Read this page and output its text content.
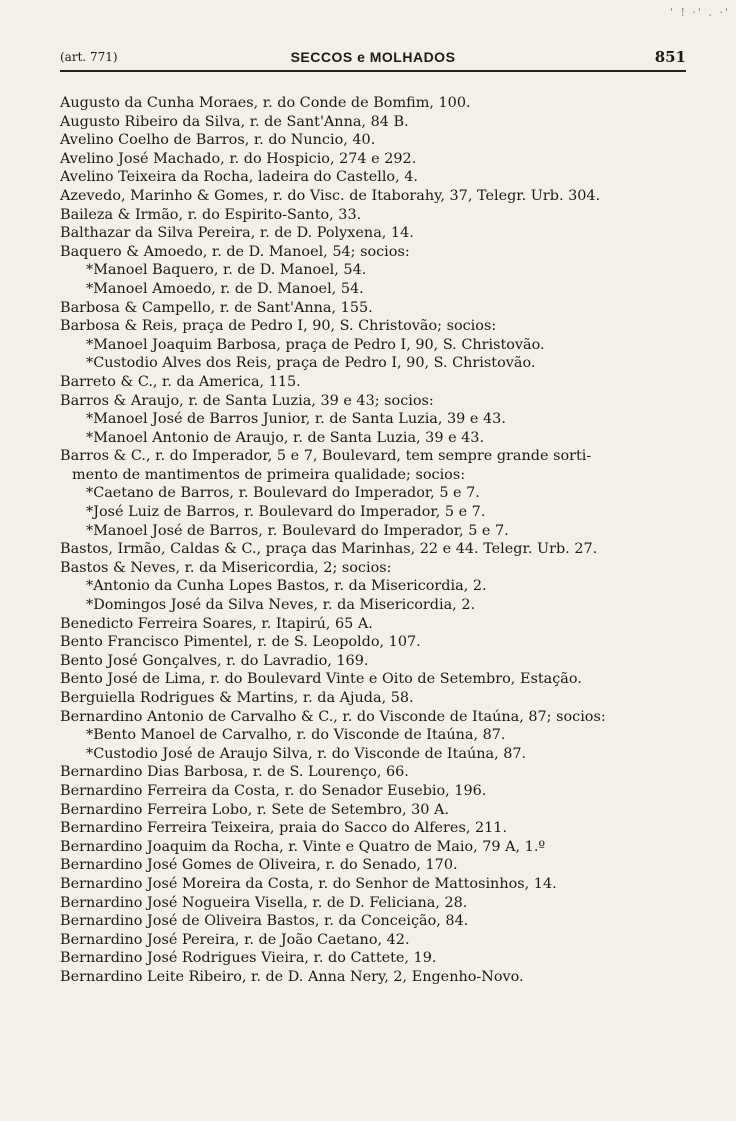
' ! ·' . ·'
(art. 771)	SECCOS e MOLHADOS	851
Augusto da Cunha Moraes, r. do Conde de Bomfim, 100.
Augusto Ribeiro da Silva, r. de Sant'Anna, 84 B.
Avelino Coelho de Barros, r. do Nuncio, 40.
Avelino José Machado, r. do Hospicio, 274 e 292.
Avelino Teixeira da Rocha, ladeira do Castello, 4.
Azevedo, Marinho & Gomes, r. do Visc. de Itaborahy, 37, Telegr. Urb. 304.
Baileza & Irmão, r. do Espirito-Santo, 33.
Balthazar da Silva Pereira, r. de D. Polyxena, 14.
Baquero & Amoedo, r. de D. Manoel, 54; socios:
*Manoel Baquero, r. de D. Manoel, 54.
*Manoel Amoedo, r. de D. Manoel, 54.
Barbosa & Campello, r. de Sant'Anna, 155.
Barbosa & Reis, praça de Pedro I, 90, S. Christovão; socios:
*Manoel Joaquim Barbosa, praça de Pedro I, 90, S. Christovão.
*Custodio Alves dos Reis, praça de Pedro I, 90, S. Christovão.
Barreto & C., r. da America, 115.
Barros & Araujo, r. de Santa Luzia, 39 e 43; socios:
*Manoel José de Barros Junior, r. de Santa Luzia, 39 e 43.
*Manoel Antonio de Araujo, r. de Santa Luzia, 39 e 43.
Barros & C., r. do Imperador, 5 e 7, Boulevard, tem sempre grande sorti-
mento de mantimentos de primeira qualidade; socios:
*Caetano de Barros, r. Boulevard do Imperador, 5 e 7.
*José Luiz de Barros, r. Boulevard do Imperador, 5 e 7.
*Manoel José de Barros, r. Boulevard do Imperador, 5 e 7.
Bastos, Irmão, Caldas & C., praça das Marinhas, 22 e 44. Telegr. Urb. 27.
Bastos & Neves, r. da Misericordia, 2; socios:
*Antonio da Cunha Lopes Bastos, r. da Misericordia, 2.
*Domingos José da Silva Neves, r. da Misericordia, 2.
Benedicto Ferreira Soares, r. Itapirú, 65 A.
Bento Francisco Pimentel, r. de S. Leopoldo, 107.
Bento José Gonçalves, r. do Lavradio, 169.
Bento José de Lima, r. do Boulevard Vinte e Oito de Setembro, Estação.
Berguiella Rodrigues & Martins, r. da Ajuda, 58.
Bernardino Antonio de Carvalho & C., r. do Visconde de Itaúna, 87; socios:
*Bento Manoel de Carvalho, r. do Visconde de Itaúna, 87.
*Custodio José de Araujo Silva, r. do Visconde de Itaúna, 87.
Bernardino Dias Barbosa, r. de S. Lourenço, 66.
Bernardino Ferreira da Costa, r. do Senador Eusebio, 196.
Bernardino Ferreira Lobo, r. Sete de Setembro, 30 A.
Bernardino Ferreira Teixeira, praia do Sacco do Alferes, 211.
Bernardino Joaquim da Rocha, r. Vinte e Quatro de Maio, 79 A, 1.º
Bernardino José Gomes de Oliveira, r. do Senado, 170.
Bernardino José Moreira da Costa, r. do Senhor de Mattosinhos, 14.
Bernardino José Nogueira Visella, r. de D. Feliciana, 28.
Bernardino José de Oliveira Bastos, r. da Conceição, 84.
Bernardino José Pereira, r. de João Caetano, 42.
Bernardino José Rodrigues Vieira, r. do Cattete, 19.
Bernardino Leite Ribeiro, r. de D. Anna Nery, 2, Engenho-Novo.
